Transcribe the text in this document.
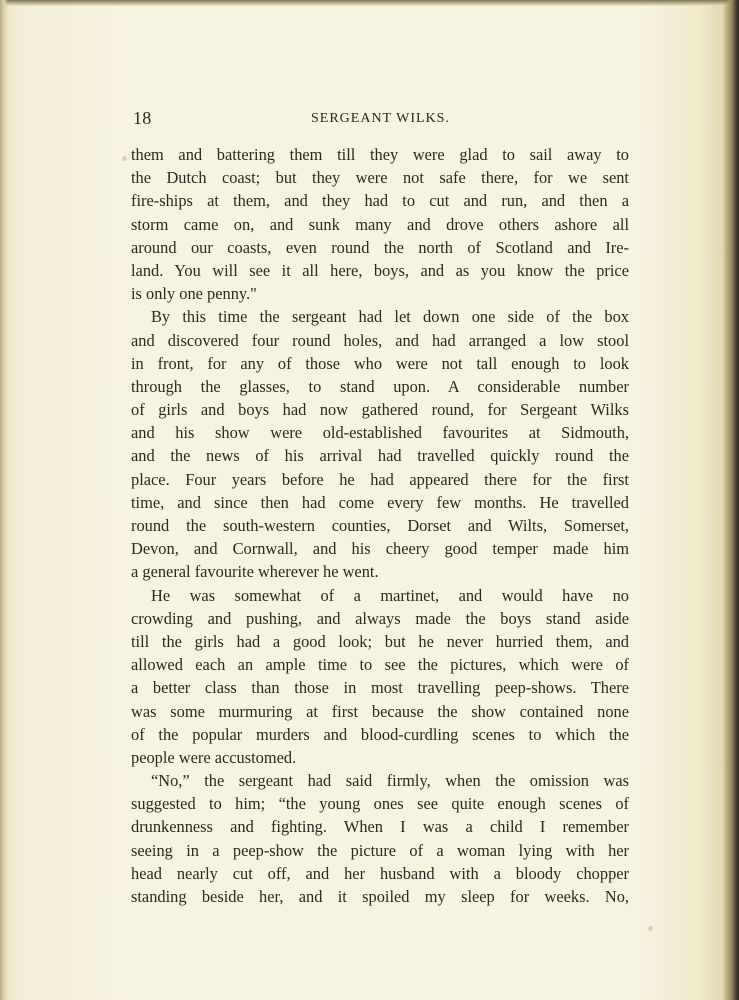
18	SERGEANT WILKS.
them and battering them till they were glad to sail away to
the Dutch coast; but they were not safe there, for we sent
fire-ships at them, and they had to cut and run, and then a
storm came on, and sunk many and drove others ashore all
around our coasts, even round the north of Scotland and Ire-
land. You will see it all here, boys, and as you know the price
is only one penny."
By this time the sergeant had let down one side of the box
and discovered four round holes, and had arranged a low stool
in front, for any of those who were not tall enough to look
through the glasses, to stand upon. A considerable number
of girls and boys had now gathered round, for Sergeant Wilks
and his show were old-established favourites at Sidmouth,
and the news of his arrival had travelled quickly round the
place. Four years before he had appeared there for the first
time, and since then had come every few months. He travelled
round the south-western counties, Dorset and Wilts, Somerset,
Devon, and Cornwall, and his cheery good temper made him
a general favourite wherever he went.
He was somewhat of a martinet, and would have no
crowding and pushing, and always made the boys stand aside
till the girls had a good look; but he never hurried them, and
allowed each an ample time to see the pictures, which were of
a better class than those in most travelling peep-shows. There
was some murmuring at first because the show contained none
of the popular murders and blood-curdling scenes to which the
people were accustomed.
“No,” the sergeant had said firmly, when the omission was
suggested to him; “the young ones see quite enough scenes of
drunkenness and fighting. When I was a child I remember
seeing in a peep-show the picture of a woman lying with her
head nearly cut off, and her husband with a bloody chopper
standing beside her, and it spoiled my sleep for weeks. No,
